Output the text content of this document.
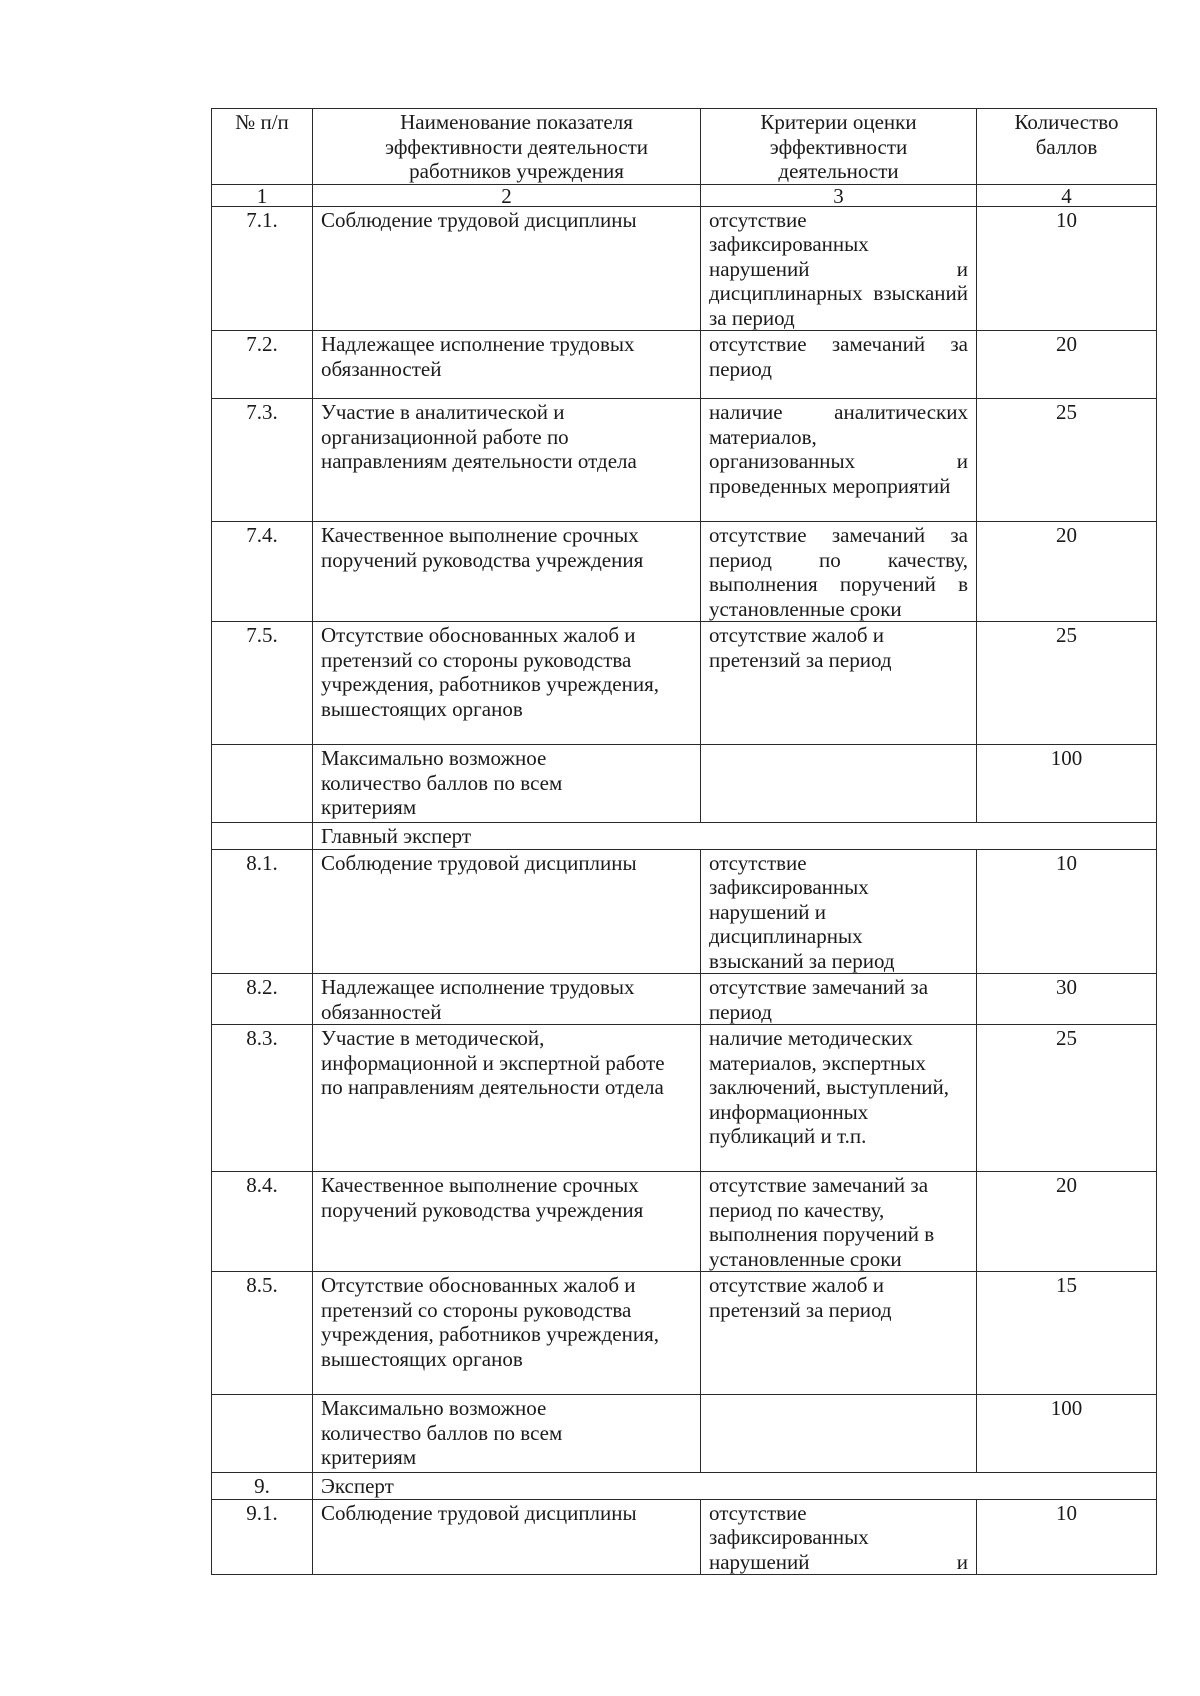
№ п/п	Наименование показателя эффективности деятельности работников учреждения	Критерии оценки эффективности деятельности	Количество баллов
1	2	3	4
7.1.	Соблюдение трудовой дисциплины	отсутствие зафиксированных нарушений и дисциплинарных взысканий за период	10
7.2.	Надлежащее исполнение трудовых обязанностей	отсутствие замечаний за период	20
7.3.	Участие в аналитической и организационной работе по направлениям деятельности отдела	наличие аналитических материалов, организованных и проведенных мероприятий	25
7.4.	Качественное выполнение срочных поручений руководства учреждения	отсутствие замечаний за период по качеству, выполнения поручений в установленные сроки	20
7.5.	Отсутствие обоснованных жалоб и претензий со стороны руководства учреждения, работников учреждения, вышестоящих органов	отсутствие жалоб и претензий за период	25
	Максимально возможное количество баллов по всем критериям		100
	Главный эксперт		
8.1.	Соблюдение трудовой дисциплины	отсутствие зафиксированных нарушений и дисциплинарных взысканий за период	10
8.2.	Надлежащее исполнение трудовых обязанностей	отсутствие замечаний за период	30
8.3.	Участие в методической, информационной и экспертной работе по направлениям деятельности отдела	наличие методических материалов, экспертных заключений, выступлений, информационных публикаций и т.п.	25
8.4.	Качественное выполнение срочных поручений руководства учреждения	отсутствие замечаний за период по качеству, выполнения поручений в установленные сроки	20
8.5.	Отсутствие обоснованных жалоб и претензий со стороны руководства учреждения, работников учреждения, вышестоящих органов	отсутствие жалоб и претензий за период	15
	Максимально возможное количество баллов по всем критериям		100
9.	Эксперт		
9.1.	Соблюдение трудовой дисциплины	отсутствие зафиксированных нарушений и	10
